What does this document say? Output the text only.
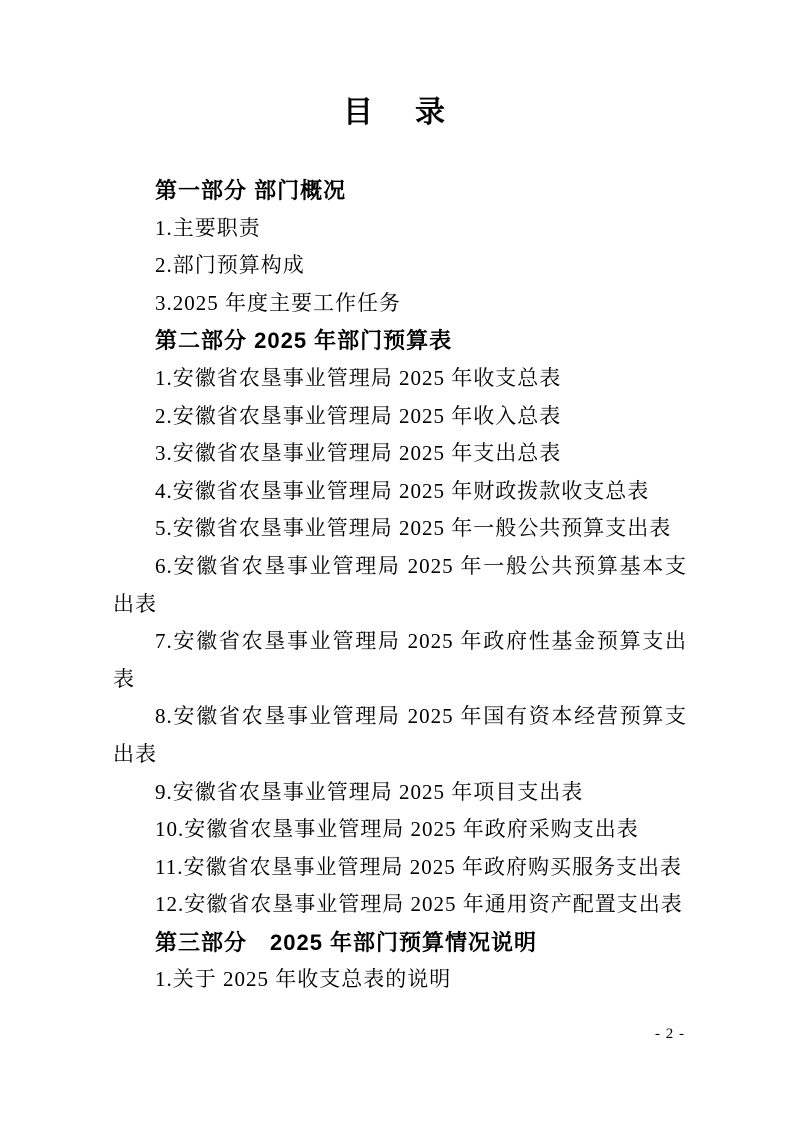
目　录
第一部分 部门概况
1.主要职责
2.部门预算构成
3.2025 年度主要工作任务
第二部分 2025 年部门预算表
1.安徽省农垦事业管理局 2025 年收支总表
2.安徽省农垦事业管理局 2025 年收入总表
3.安徽省农垦事业管理局 2025 年支出总表
4.安徽省农垦事业管理局 2025 年财政拨款收支总表
5.安徽省农垦事业管理局 2025 年一般公共预算支出表
6.安徽省农垦事业管理局 2025 年一般公共预算基本支
出表
7.安徽省农垦事业管理局 2025 年政府性基金预算支出
表
8.安徽省农垦事业管理局 2025 年国有资本经营预算支
出表
9.安徽省农垦事业管理局 2025 年项目支出表
10.安徽省农垦事业管理局 2025 年政府采购支出表
11.安徽省农垦事业管理局 2025 年政府购买服务支出表
12.安徽省农垦事业管理局 2025 年通用资产配置支出表
第三部分　2025 年部门预算情况说明
1.关于 2025 年收支总表的说明
- 2 -
